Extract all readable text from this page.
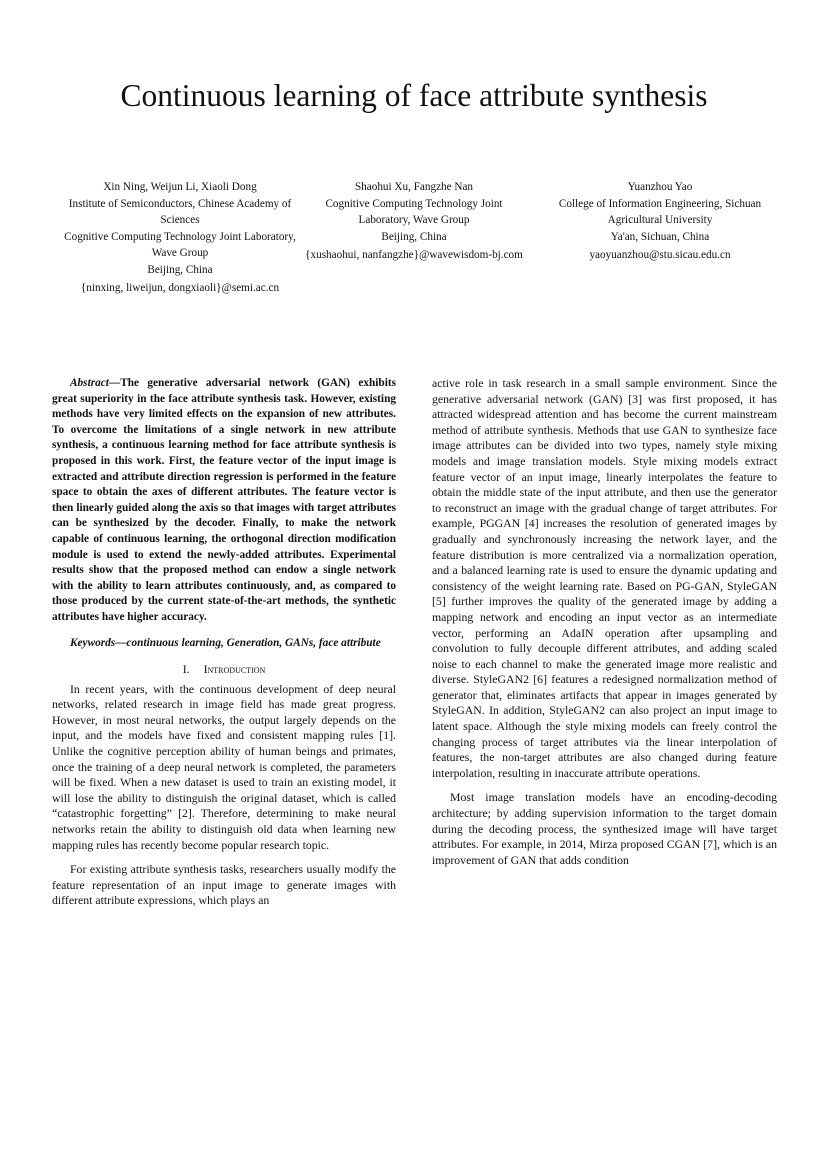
Continuous learning of face attribute synthesis
Xin Ning, Weijun Li, Xiaoli Dong
Institute of Semiconductors, Chinese Academy of Sciences
Cognitive Computing Technology Joint Laboratory, Wave Group
Beijing, China
{ninxing, liweijun, dongxiaoli}@semi.ac.cn
Shaohui Xu, Fangzhe Nan
Cognitive Computing Technology Joint Laboratory, Wave Group
Beijing, China
{xushaohui, nanfangzhe}@wavewisdom-bj.com
Yuanzhou Yao
College of Information Engineering, Sichuan Agricultural University
Ya'an, Sichuan, China
yaoyuanzhou@stu.sicau.edu.cn

Abstract—The generative adversarial network (GAN) exhibits great superiority in the face attribute synthesis task. However, existing methods have very limited effects on the expansion of new attributes. To overcome the limitations of a single network in new attribute synthesis, a continuous learning method for face attribute synthesis is proposed in this work. First, the feature vector of the input image is extracted and attribute direction regression is performed in the feature space to obtain the axes of different attributes. The feature vector is then linearly guided along the axis so that images with target attributes can be synthesized by the decoder. Finally, to make the network capable of continuous learning, the orthogonal direction modification module is used to extend the newly-added attributes. Experimental results show that the proposed method can endow a single network with the ability to learn attributes continuously, and, as compared to those produced by the current state-of-the-art methods, the synthetic attributes have higher accuracy.

Keywords—continuous learning, Generation, GANs, face attribute

I. Introduction

In recent years, with the continuous development of deep neural networks, related research in image field has made great progress. However, in most neural networks, the output largely depends on the input, and the models have fixed and consistent mapping rules [1]. Unlike the cognitive perception ability of human beings and primates, once the training of a deep neural network is completed, the parameters will be fixed. When a new dataset is used to train an existing model, it will lose the ability to distinguish the original dataset, which is called “catastrophic forgetting” [2]. Therefore, determining to make neural networks retain the ability to distinguish old data when learning new mapping rules has recently become popular research topic.

For existing attribute synthesis tasks, researchers usually modify the feature representation of an input image to generate images with different attribute expressions, which plays an

active role in task research in a small sample environment. Since the generative adversarial network (GAN) [3] was first proposed, it has attracted widespread attention and has become the current mainstream method of attribute synthesis. Methods that use GAN to synthesize face image attributes can be divided into two types, namely style mixing models and image translation models. Style mixing models extract feature vector of an input image, linearly interpolates the feature to obtain the middle state of the input attribute, and then use the generator to reconstruct an image with the gradual change of target attributes. For example, PGGAN [4] increases the resolution of generated images by gradually and synchronously increasing the network layer, and the feature distribution is more centralized via a normalization operation, and a balanced learning rate is used to ensure the dynamic updating and consistency of the weight learning rate. Based on PG-GAN, StyleGAN [5] further improves the quality of the generated image by adding a mapping network and encoding an input vector as an intermediate vector, performing an AdaIN operation after upsampling and convolution to fully decouple different attributes, and adding scaled noise to each channel to make the generated image more realistic and diverse. StyleGAN2 [6] features a redesigned normalization method of generator that, eliminates artifacts that appear in images generated by StyleGAN. In addition, StyleGAN2 can also project an input image to latent space. Although the style mixing models can freely control the changing process of target attributes via the linear interpolation of features, the non-target attributes are also changed during feature interpolation, resulting in inaccurate attribute operations.

Most image translation models have an encoding-decoding architecture; by adding supervision information to the target domain during the decoding process, the synthesized image will have target attributes. For example, in 2014, Mirza proposed CGAN [7], which is an improvement of GAN that adds condition
